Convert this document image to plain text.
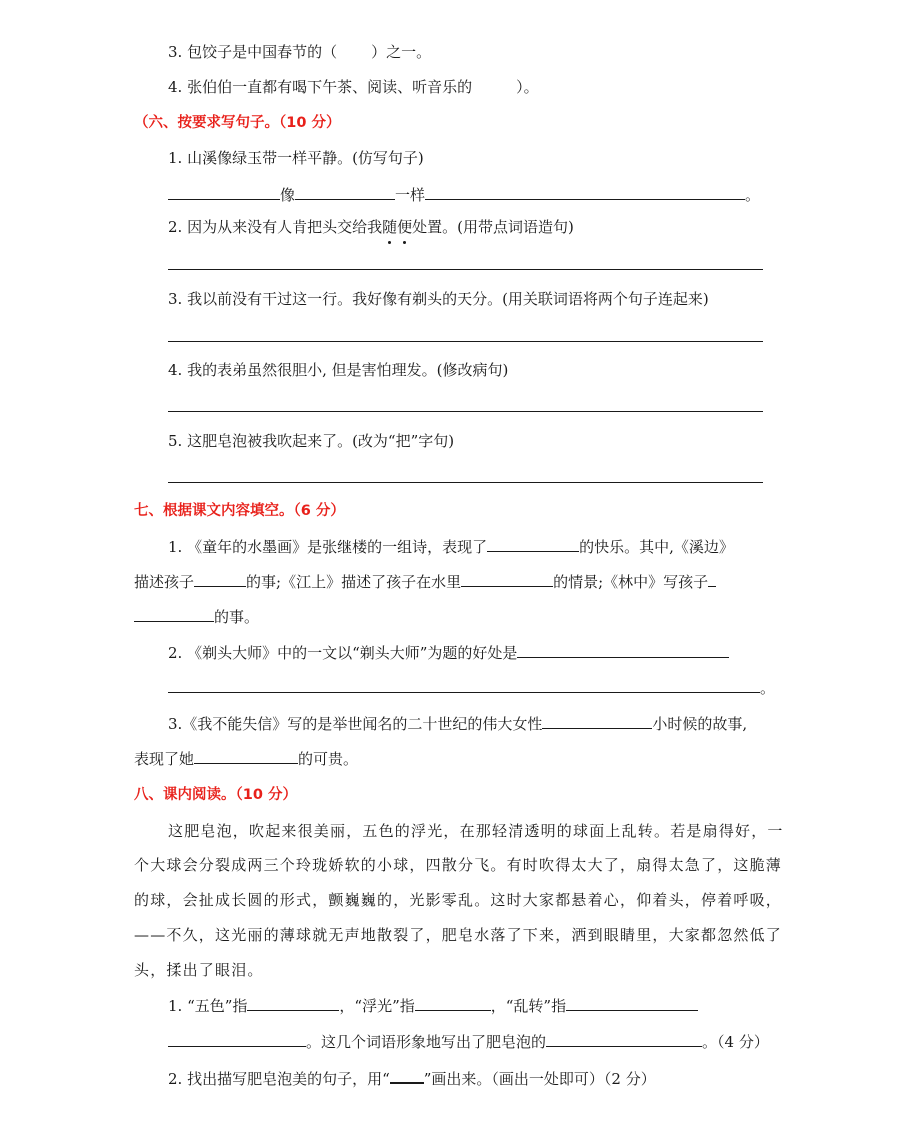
3. 包饺子是中国春节的（ ）之一。
4. 张伯伯一直都有喝下午茶、阅读、听音乐的	）。
（六、按要求写句子。（10 分）
1. 山溪像绿玉带一样平静。(仿写句子)
像	一样	。
2. 因为从来没有人肯把头交给我随便处置。(用带点词语造句)
3. 我以前没有干过这一行。我好像有剃头的天分。(用关联词语将两个句子连起来)
4. 我的表弟虽然很胆小, 但是害怕理发。(修改病句)
5. 这肥皂泡被我吹起来了。(改为“把”字句)
七、根据课文内容填空。（6 分）
1. 《童年的水墨画》是张继楼的一组诗，表现了	的快乐。其中,《溪边》
描述孩子	的事;《江上》描述了孩子在水里	的情景;《林中》写孩子
的事。
2. 《剃头大师》中的一文以“剃头大师”为题的好处是
。
3.《我不能失信》写的是举世闻名的二十世纪的伟大女性	小时候的故事,
表现了她	的可贵。
八、课内阅读。（10 分）
这肥皂泡，吹起来很美丽，五色的浮光，在那轻清透明的球面上乱转。若是扇得好，一
个大球会分裂成两三个玲珑娇软的小球，四散分飞。有时吹得太大了，扇得太急了，这脆薄
的球，会扯成长圆的形式，颤巍巍的，光影零乱。这时大家都悬着心，仰着头，停着呼吸，
——不久，这光丽的薄球就无声地散裂了，肥皂水落了下来，洒到眼睛里，大家都忽然低了
头，揉出了眼泪。
1. “五色”指	，“浮光”指	，“乱转”指
。这几个词语形象地写出了肥皂泡的	。（4 分）
2. 找出描写肥皂泡美的句子，用“ ”画出来。（画出一处即可）（2 分）
